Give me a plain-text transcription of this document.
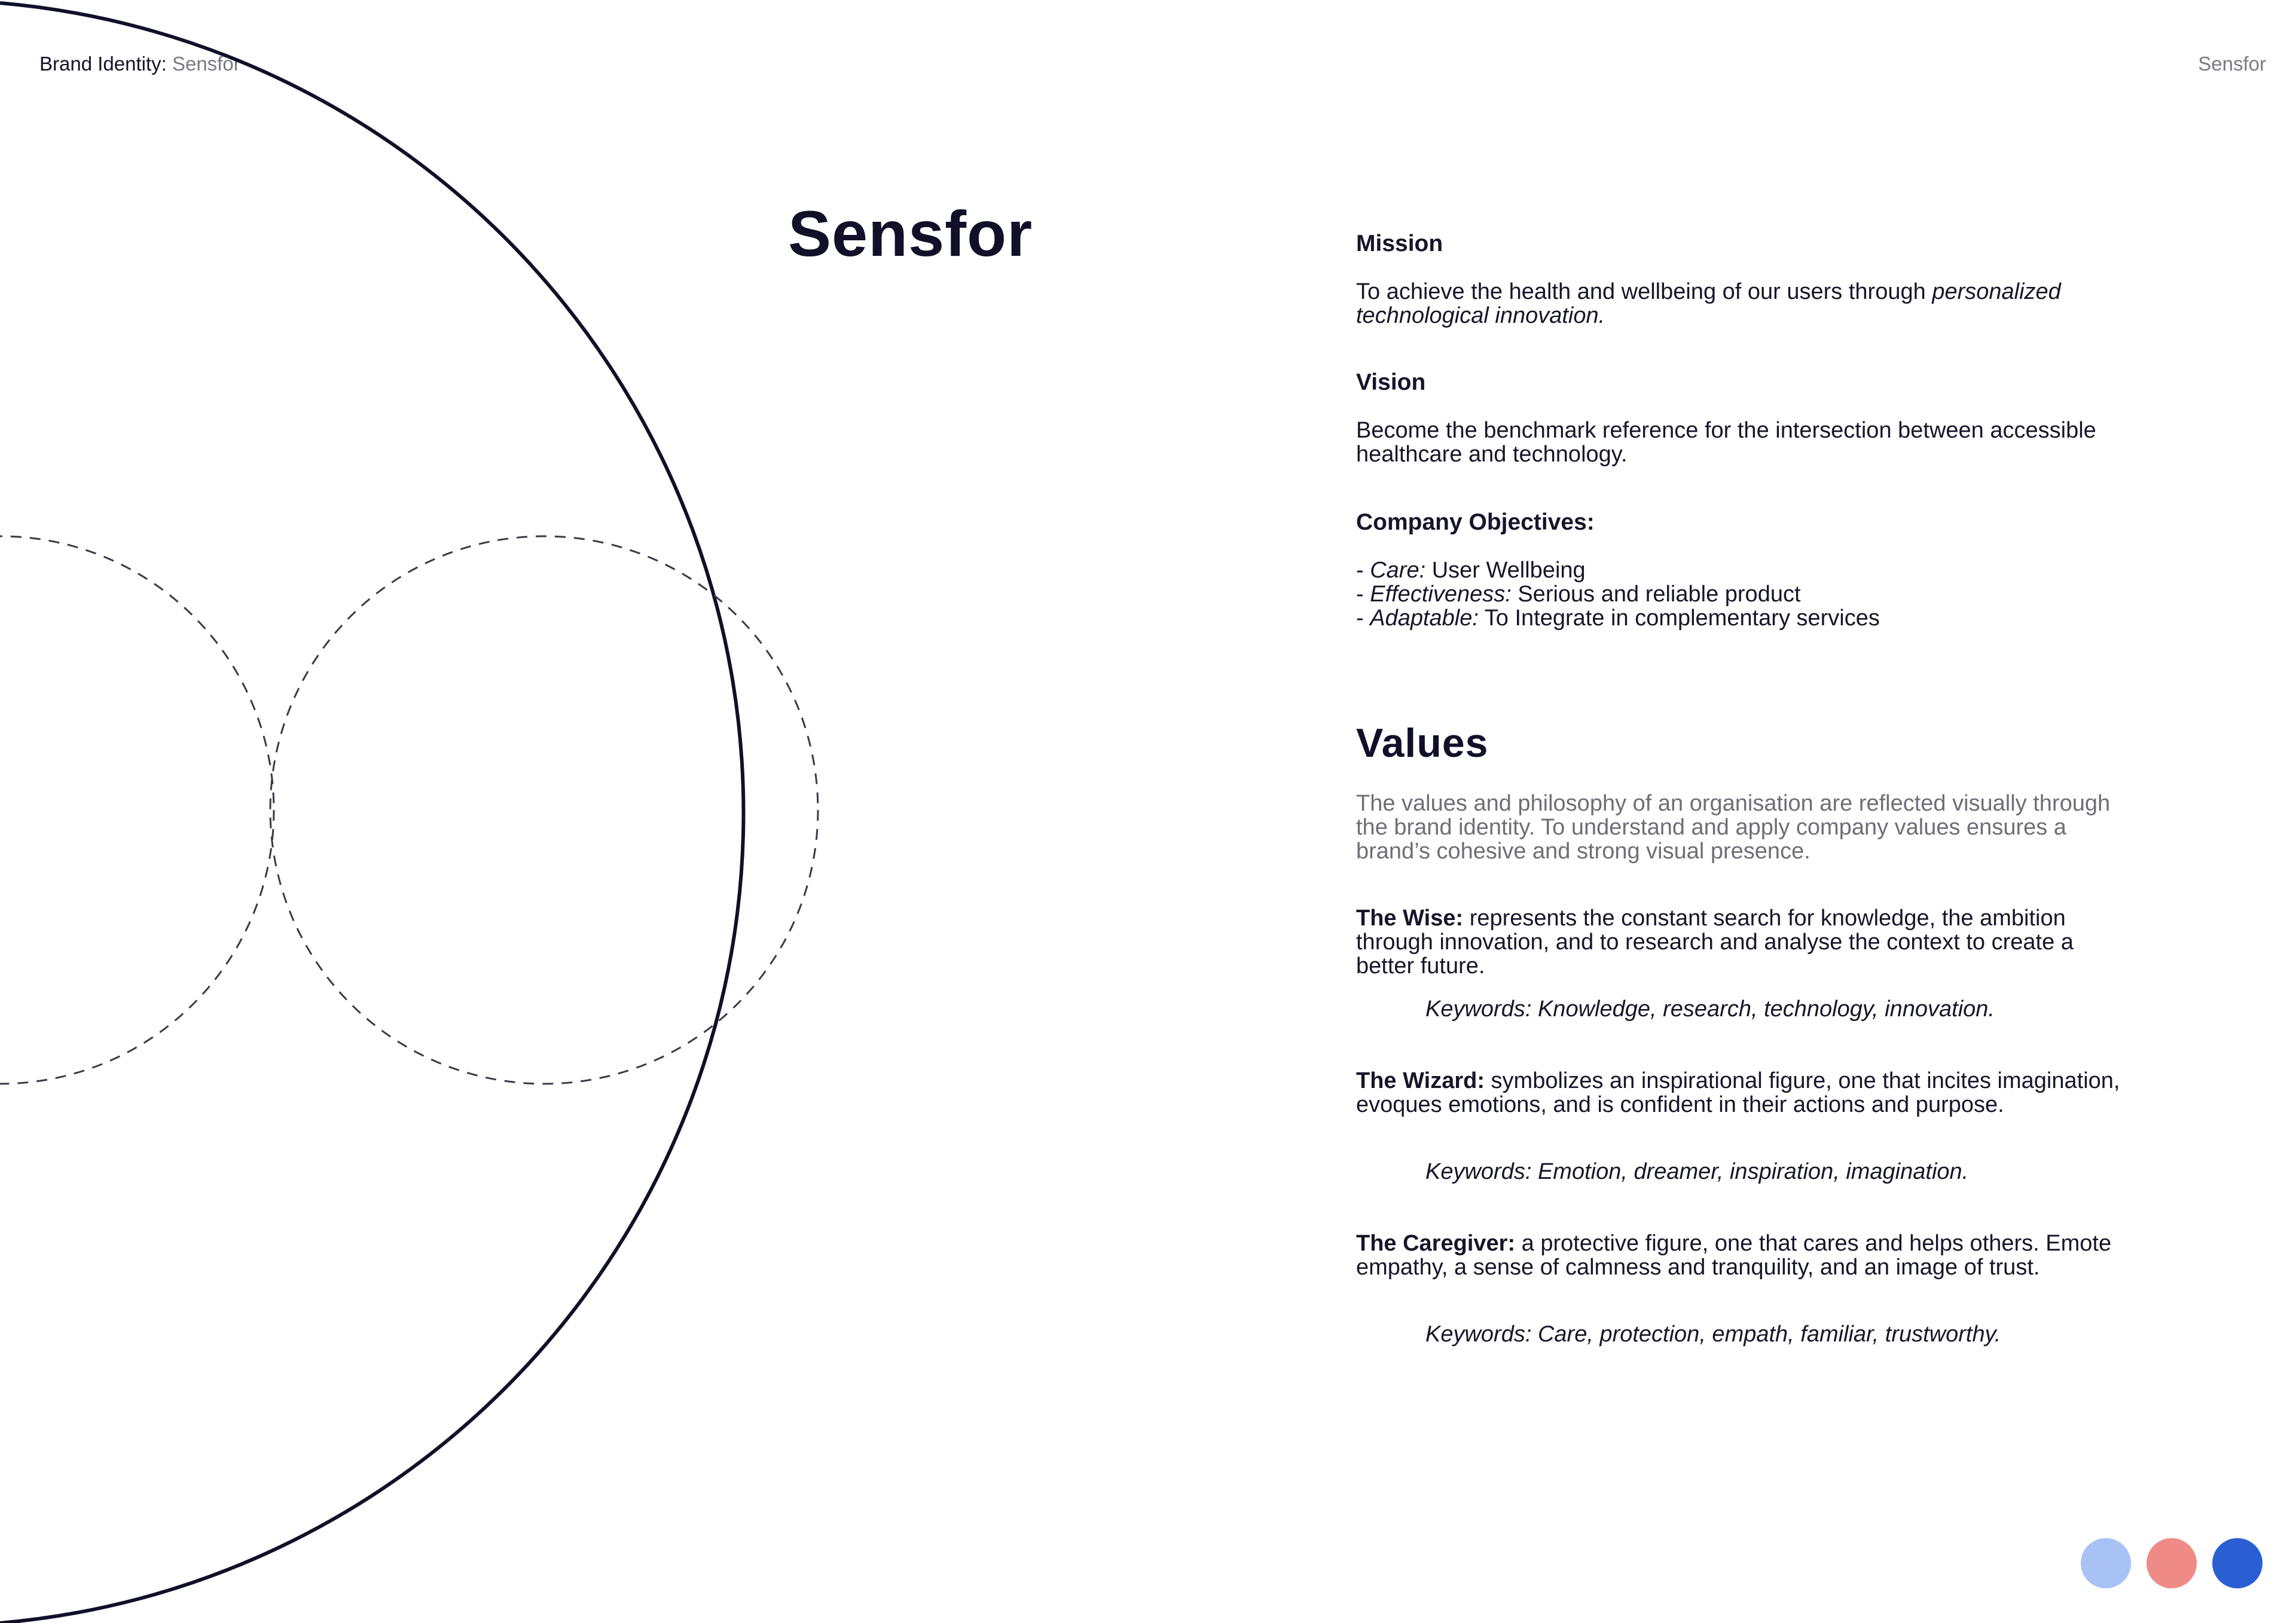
Brand Identity: Sensfor	Sensfor
Sensfor	Mission

To achieve the health and wellbeing of our users through personalized technological innovation.

Vision

Become the benchmark reference for the intersection between accessible healthcare and technology.

Company Objectives:
- Care: User Wellbeing
- Effectiveness: Serious and reliable product
- Adaptable: To Integrate in complementary services
Values

The values and philosophy of an organisation are reflected visually through the brand identity. To understand and apply company values ensures a brand’s cohesive and strong visual presence.

The Wise: represents the constant search for knowledge, the ambition through innovation, and to research and analyse the context to create a better future.

Keywords: Knowledge, research, technology, innovation.

The Wizard: symbolizes an inspirational figure, one that incites imagination, evoques emotions, and is confident in their actions and purpose.

Keywords: Emotion, dreamer, inspiration, imagination.

The Caregiver: a protective figure, one that cares and helps others. Emote empathy, a sense of calmness and tranquility, and an image of trust.

Keywords: Care, protection, empath, familiar, trustworthy.
